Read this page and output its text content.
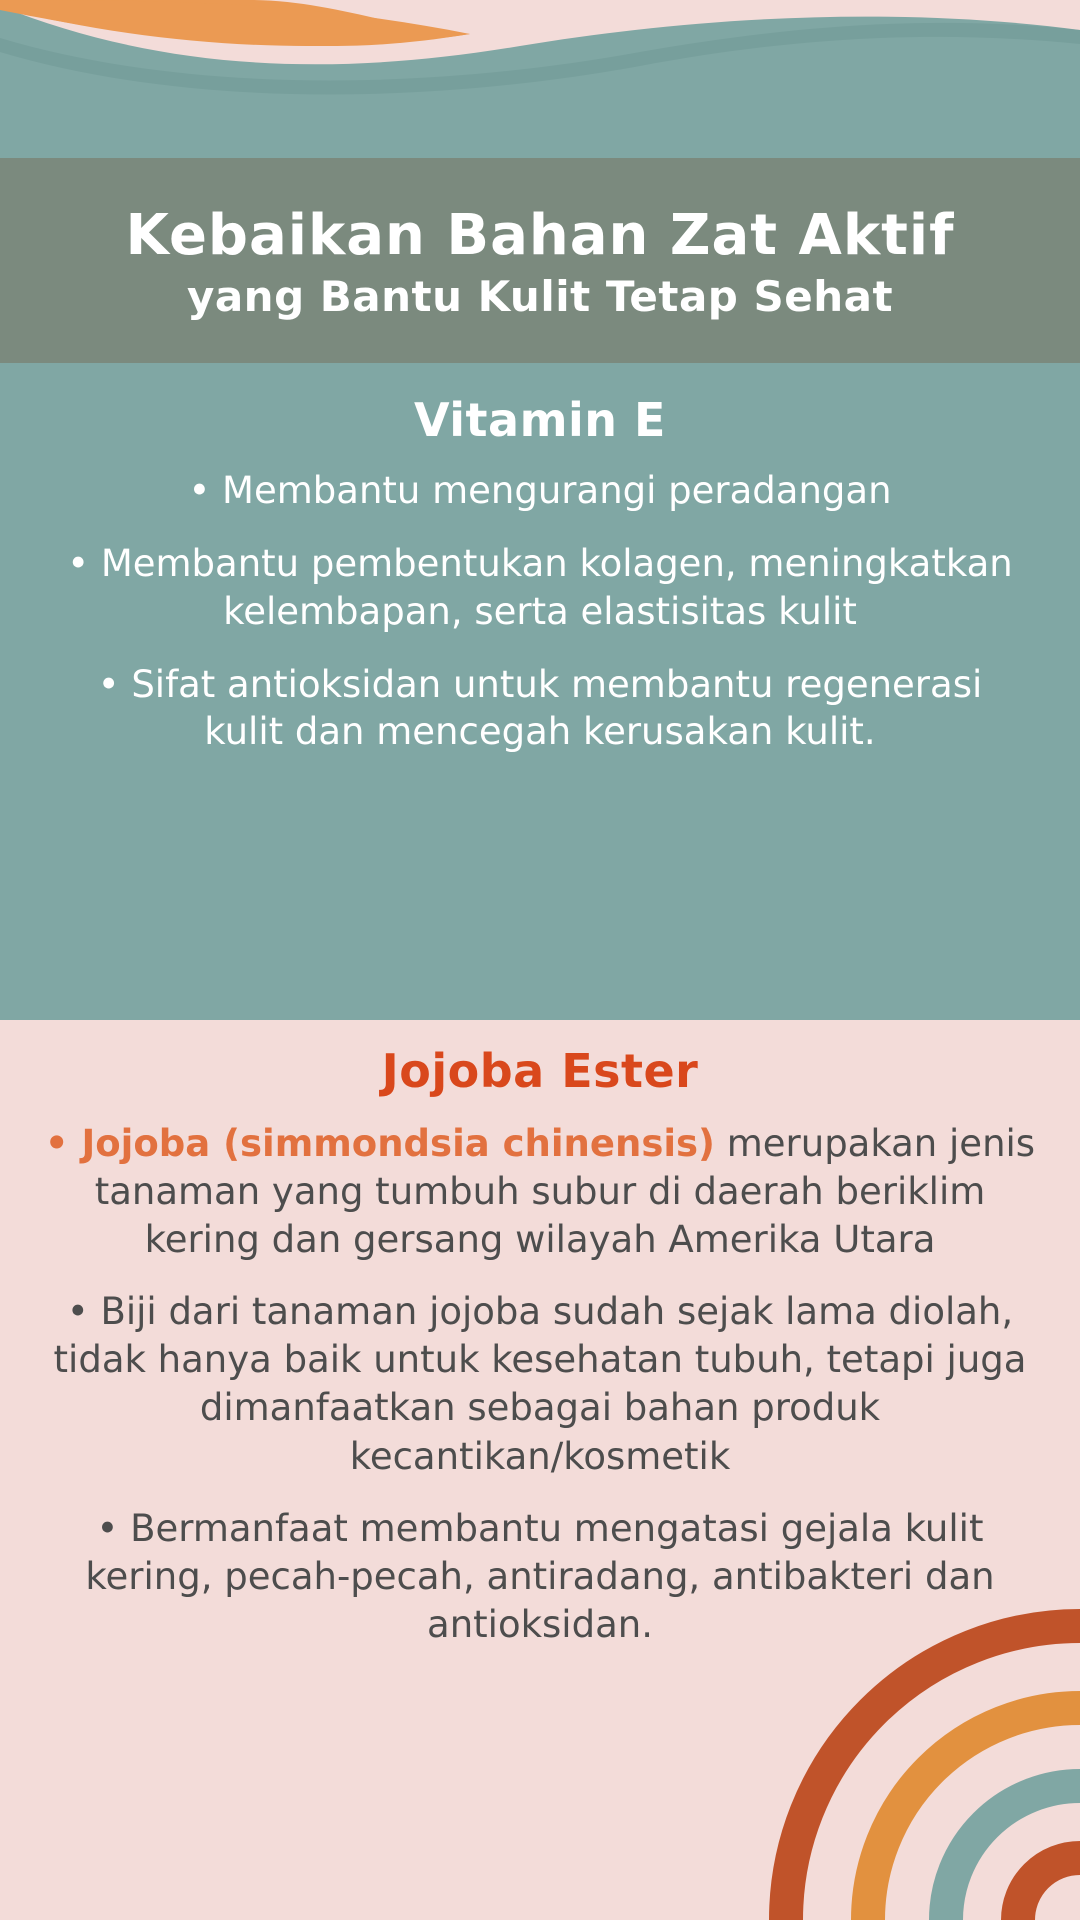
Kebaikan Bahan Zat Aktif
yang Bantu Kulit Tetap Sehat
Vitamin E
• Membantu mengurangi peradangan
• Membantu pembentukan kolagen, meningkatkan kelembapan, serta elastisitas kulit
• Sifat antioksidan untuk membantu regenerasi kulit dan mencegah kerusakan kulit.
Jojoba Ester
• Jojoba (simmondsia chinensis) merupakan jenis tanaman yang tumbuh subur di daerah beriklim kering dan gersang wilayah Amerika Utara
• Biji dari tanaman jojoba sudah sejak lama diolah, tidak hanya baik untuk kesehatan tubuh, tetapi juga dimanfaatkan sebagai bahan produk kecantikan/kosmetik
• Bermanfaat membantu mengatasi gejala kulit kering, pecah-pecah, antiradang, antibakteri dan antioksidan.
